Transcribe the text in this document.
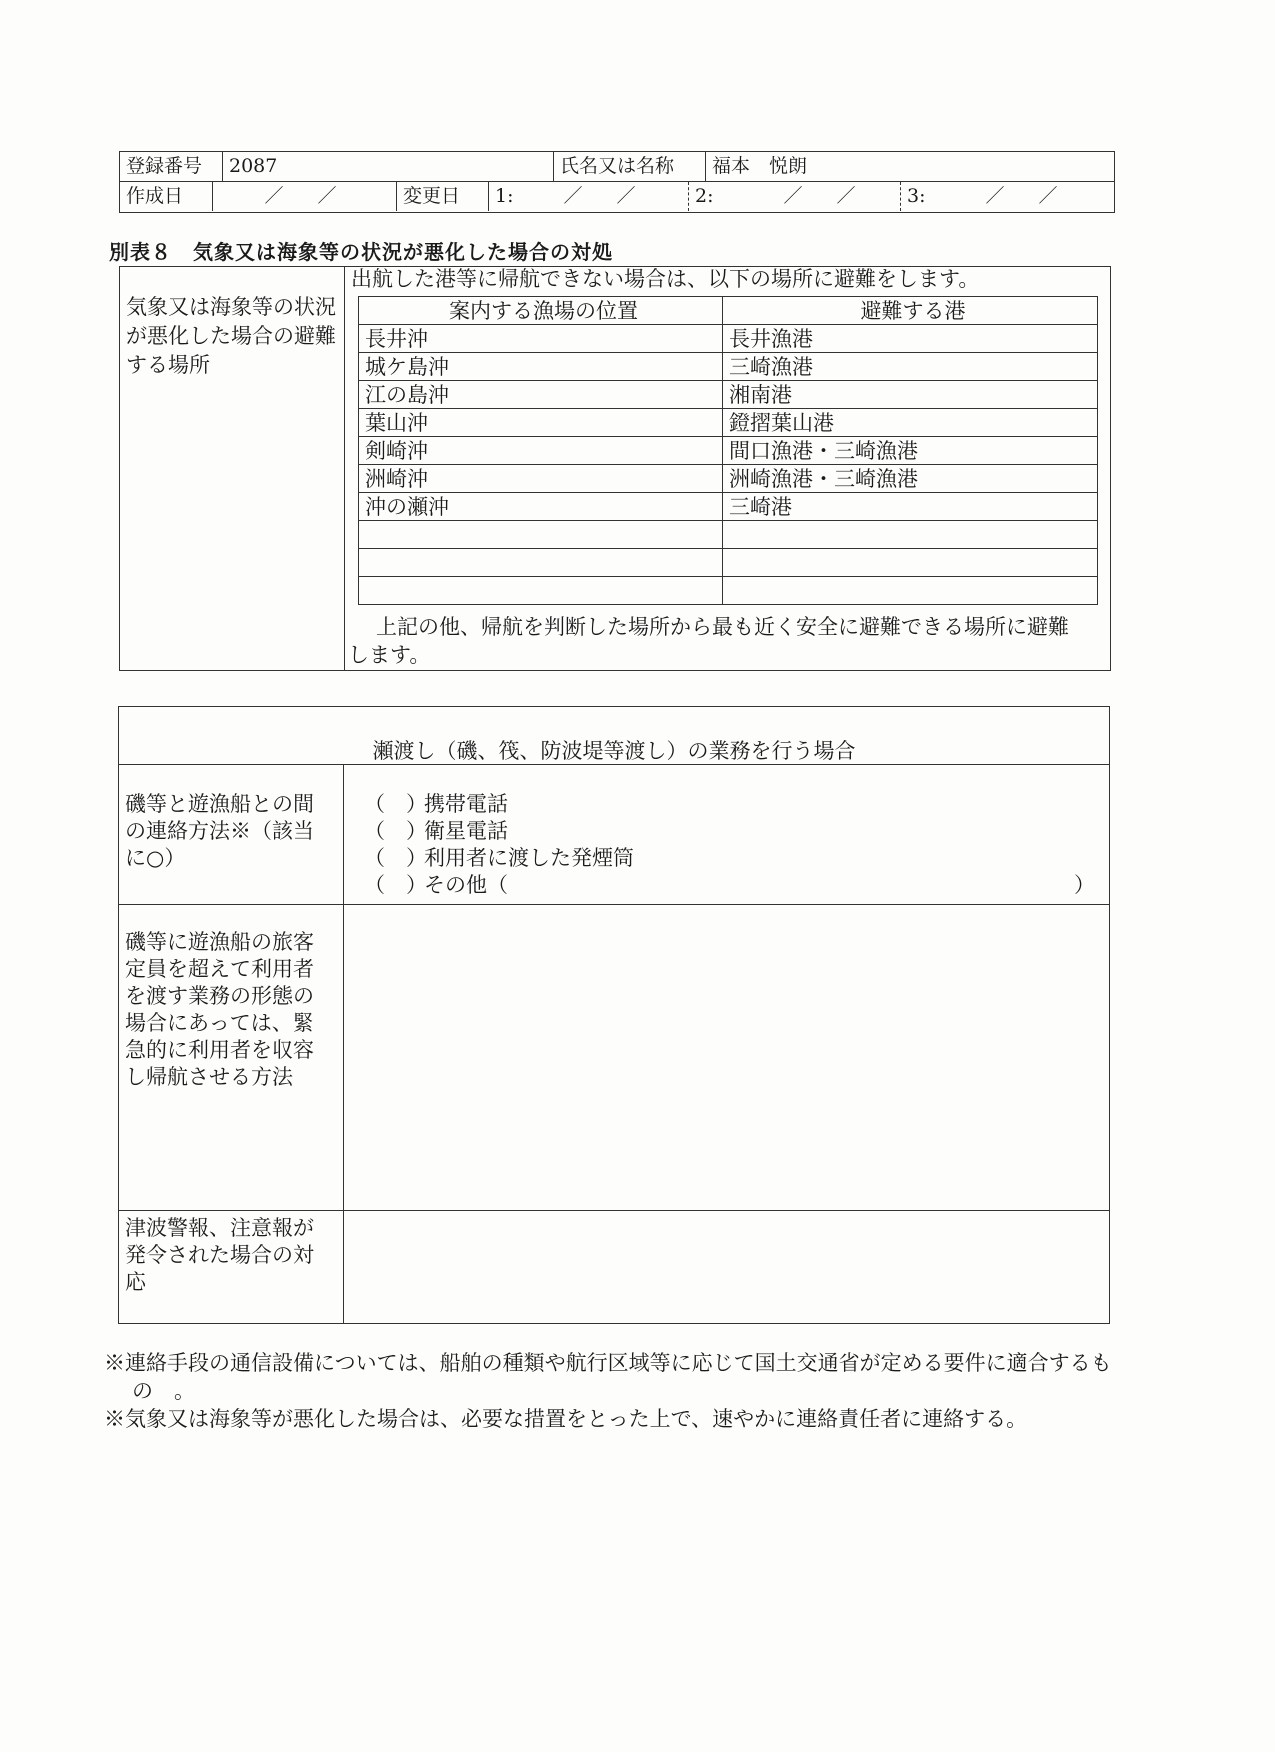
登録番号	2087	氏名又は名称	福本　悦朗
作成日	／ ／	変更日	1:	／ ／	2:	／ ／	3:	／ ／
別表８　気象又は海象等の状況が悪化した場合の対処
気象又は海象等の状況が悪化した場合の避難する場所
出航した港等に帰航できない場合は、以下の場所に避難をします。
案内する漁場の位置	避難する港
長井沖	長井漁港
城ケ島沖	三崎漁港
江の島沖	湘南港
葉山沖	鐙摺葉山港
剣崎沖	間口漁港・三崎漁港
洲崎沖	洲崎漁港・三崎漁港
沖の瀬沖	三崎港

上記の他、帰航を判断した場所から最も近く安全に避難できる場所に避難します。
瀬渡し（磯、筏、防波堤等渡し）の業務を行う場合
磯等と遊漁船との間の連絡方法※（該当に○）
（　）携帯電話
（　）衛星電話
（　）利用者に渡した発煙筒
（　）その他（	）
磯等に遊漁船の旅客定員を超えて利用者を渡す業務の形態の場合にあっては、緊急的に利用者を収容し帰航させる方法
津波警報、注意報が発令された場合の対応

※連絡手段の通信設備については、船舶の種類や航行区域等に応じて国土交通省が定める要件に適合するもの　。

※気象又は海象等が悪化した場合は、必要な措置をとった上で、速やかに連絡責任者に連絡する。
